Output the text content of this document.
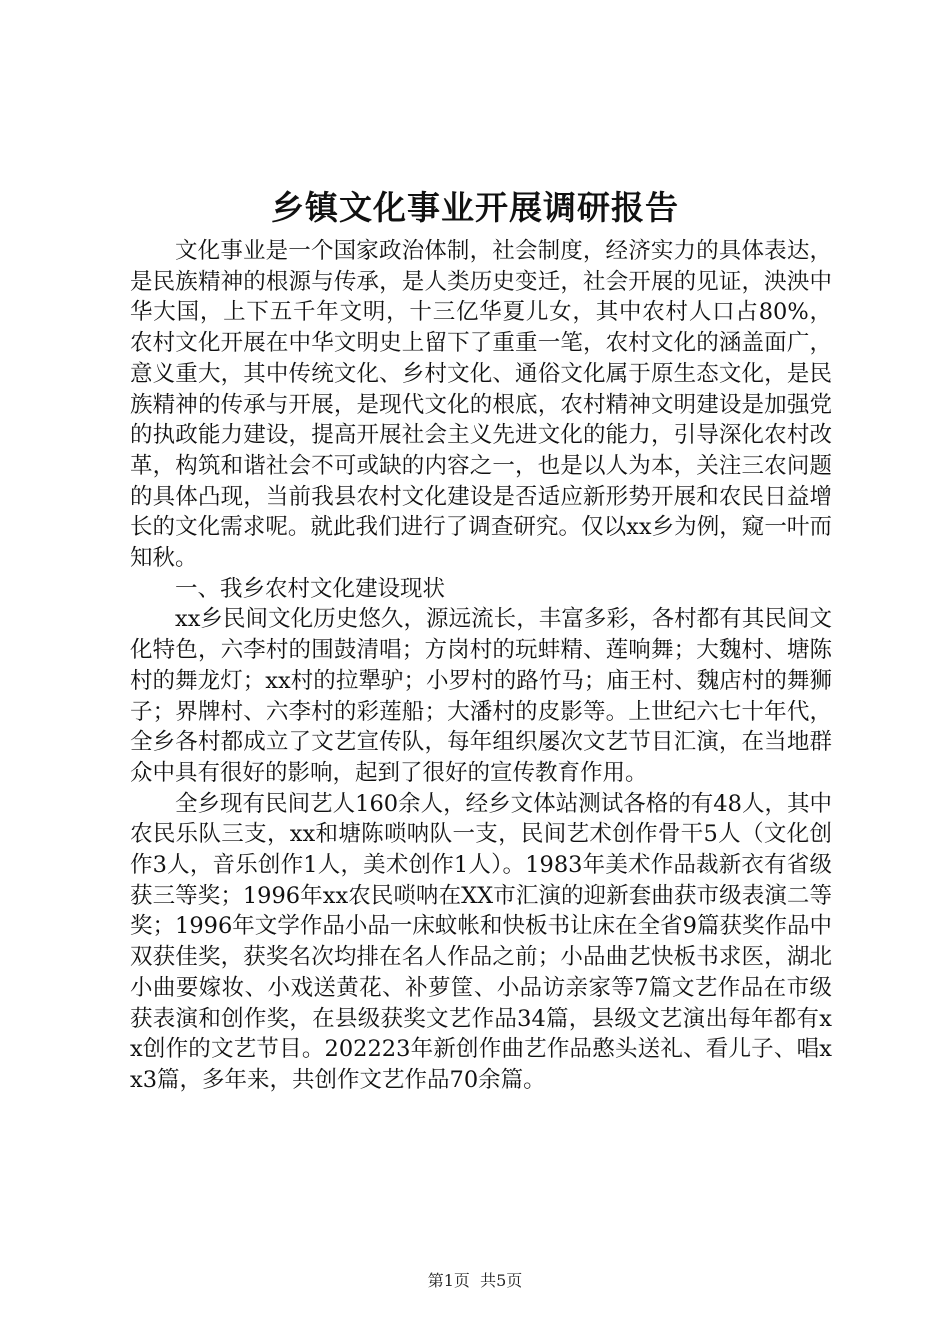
乡镇文化事业开展调研报告

文化事业是一个国家政治体制，社会制度，经济实力的具体表达，是民族精神的根源与传承，是人类历史变迁，社会开展的见证，泱泱中华大国，上下五千年文明，十三亿华夏儿女，其中农村人口占80%，农村文化开展在中华文明史上留下了重重一笔，农村文化的涵盖面广，意义重大，其中传统文化、乡村文化、通俗文化属于原生态文化，是民族精神的传承与开展，是现代文化的根底，农村精神文明建设是加强党的执政能力建设，提高开展社会主义先进文化的能力，引导深化农村改革，构筑和谐社会不可或缺的内容之一，也是以人为本，关注三农问题的具体凸现，当前我县农村文化建设是否适应新形势开展和农民日益增长的文化需求呢。就此我们进行了调查研究。仅以xx乡为例，窥一叶而知秋。

一、我乡农村文化建设现状

xx乡民间文化历史悠久，源远流长，丰富多彩，各村都有其民间文化特色，六李村的围鼓清唱；方岗村的玩蚌精、莲响舞；大魏村、塘陈村的舞龙灯；xx村的拉犟驴；小罗村的路竹马；庙王村、魏店村的舞狮子；界牌村、六李村的彩莲船；大潘村的皮影等。上世纪六七十年代，全乡各村都成立了文艺宣传队，每年组织屡次文艺节目汇演，在当地群众中具有很好的影响，起到了很好的宣传教育作用。

全乡现有民间艺人160余人，经乡文体站测试各格的有48人，其中农民乐队三支，xx和塘陈唢呐队一支，民间艺术创作骨干5人（文化创作3人，音乐创作1人，美术创作1人）。1983年美术作品裁新衣有省级获三等奖；1996年xx农民唢呐在XX市汇演的迎新套曲获市级表演二等奖；1996年文学作品小品一床蚊帐和快板书让床在全省9篇获奖作品中双获佳奖，获奖名次均排在名人作品之前；小品曲艺快板书求医，湖北小曲要嫁妆、小戏送黄花、补萝筐、小品访亲家等7篇文艺作品在市级获表演和创作奖，在县级获奖文艺作品34篇，县级文艺演出每年都有xx创作的文艺节目。202223年新创作曲艺作品憨头送礼、看儿子、唱xx3篇，多年来，共创作文艺作品70余篇。

第1页 共5页
